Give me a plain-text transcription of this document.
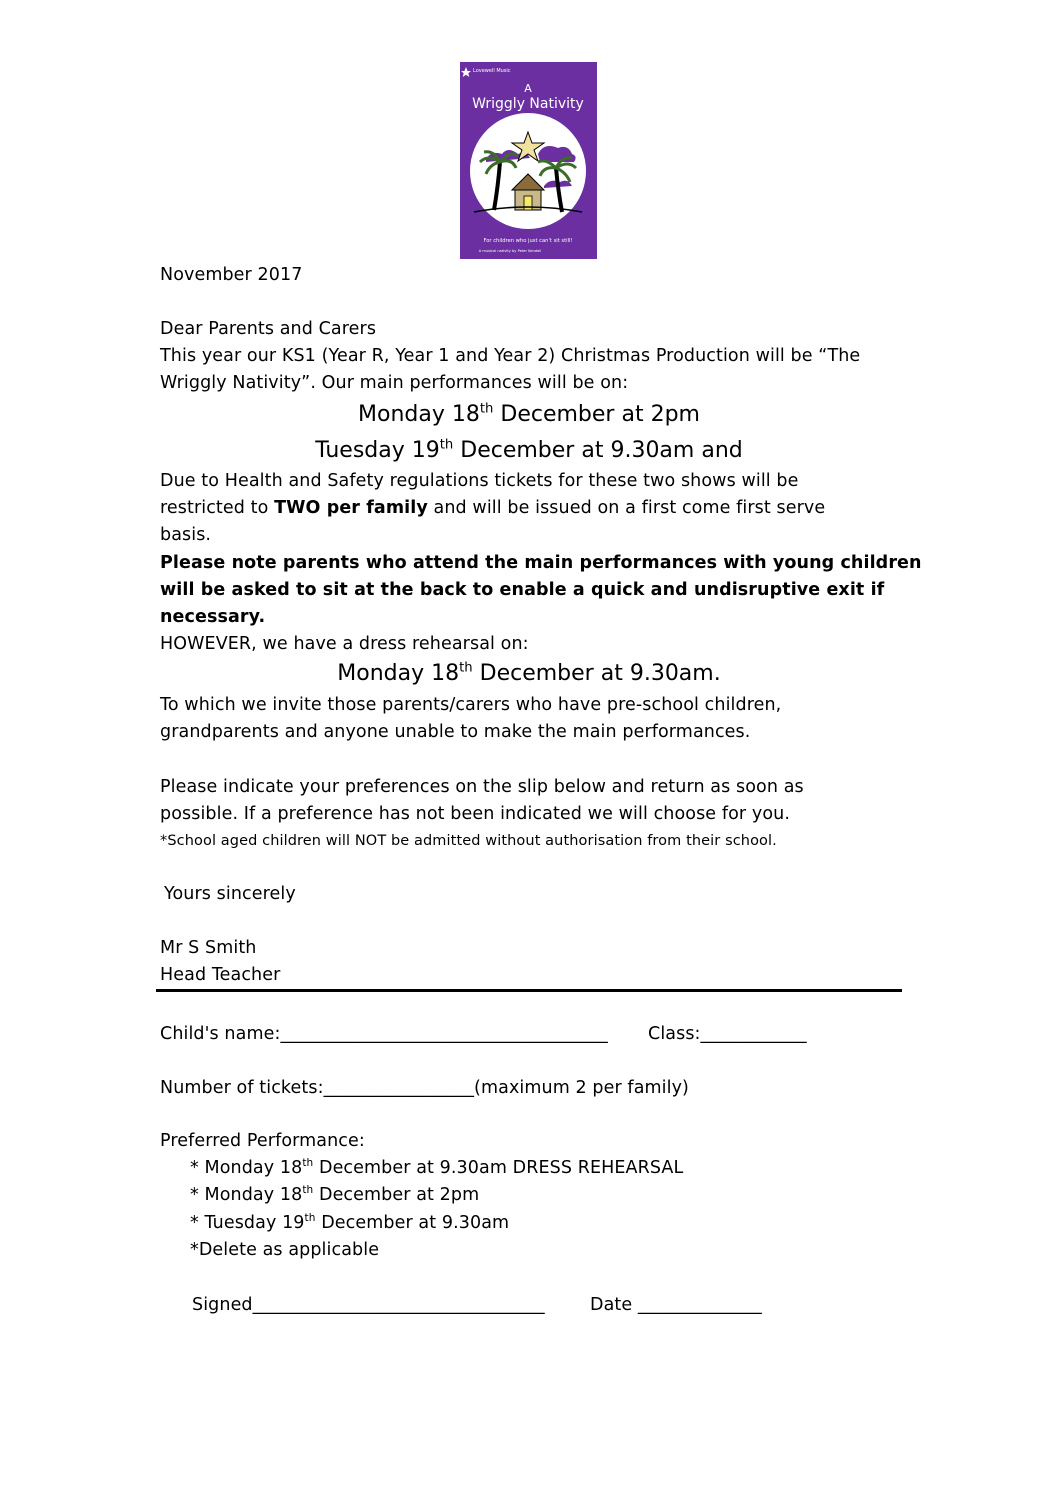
Lovewell Music
A
Wriggly Nativity
For children who just can't sit still!
A musical nativity by Peter Kendall
November 2017
Dear Parents and Carers
This year our KS1 (Year R, Year 1 and Year 2) Christmas Production will be “The
Wriggly Nativity”. Our main performances will be on:
Monday 18th December at 2pm
Tuesday 19th December at 9.30am and
Due to Health and Safety regulations tickets for these two shows will be
restricted to TWO per family and will be issued on a first come first serve
basis.
Please note parents who attend the main performances with young children
will be asked to sit at the back to enable a quick and undisruptive exit if
necessary.
HOWEVER, we have a dress rehearsal on:
Monday 18th December at 9.30am.
To which we invite those parents/carers who have pre-school children,
grandparents and anyone unable to make the main performances.
Please indicate your preferences on the slip below and return as soon as
possible. If a preference has not been indicated we will choose for you.
*School aged children will NOT be admitted without authorisation from their school.
Yours sincerely
Mr S Smith
Head Teacher
Child's name:_____________________________________ Class:____________
Number of tickets:_________________(maximum 2 per family)
Preferred Performance:
* Monday 18th December at 9.30am DRESS REHEARSAL
* Monday 18th December at 2pm
* Tuesday 19th December at 9.30am
*Delete as applicable
Signed_________________________________	Date ______________
